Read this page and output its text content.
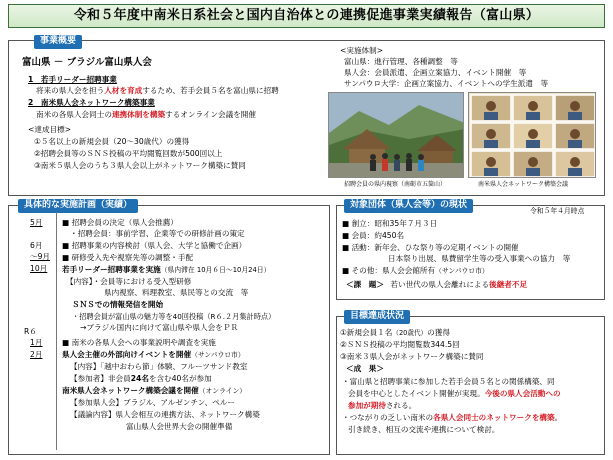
令和５年度中南米日系社会と国内自治体との連携促進事業実績報告（富山県）
事業概要
富山県 － ブラジル富山県人会
1　若手リーダー招聘事業
将来の県人会を担う人材を育成するため、若手会員５名を富山県に招聘
2　南米県人会ネットワーク構築事業
南米の各県人会同士の連携体制を構築するオンライン会議を開催
<達成目標>
①５名以上の新規会員（20～30歳代）の獲得
②招聘会員等のＳＮＳ投稿の平均閲覧回数が500回以上
③南米５県人会のうち３県人会以上がネットワーク構築に賛同
<実施体制>
富山県：進行管理、各種調整　等
県人会：会員派遣、企画立案協力、イベント開催　等
サンパウロ大学：企画立案協力、イベントへの学生派遣　等
招聘会員の県内視察（南砺市五箇山）	南米県人会ネットワーク構築会議
具体的な実施計画（実績）
5月
6月
～9月
10月
R６
1月
2月
■ 招聘会員の決定（県人会推薦）
・招聘会員：事前学習、企業等での研修計画の策定
■ 招聘事業の内容検討（県人会、大学と協働で企画）
■ 研修受入先や視察先等の調整・手配
若手リーダー招聘事業を実施（県内滞在 10月６日～10月24日）
【内容】・会員等における受入型研修
県内視察、料理教室、県民等との交流　等
ＳＮＳでの情報発信を開始
・招聘会員が富山県の魅力等を40回投稿（R６.２月集計時点）
→ブラジル国内に向けて富山県や県人会をＰＲ
■ 南米の各県人会への事業説明や調査を実施
県人会主催の外部向けイベントを開催（サンパウロ市）
【内容】「越中おわら節」体験、フルーツサンド教室
【参加者】非会員24名を含む40名が参加
南米県人会ネットワーク構築会議を開催（オンライン）
【参加県人会】ブラジル、アルゼンチン、ペルー
【議論内容】県人会相互の連携方法、ネットワーク構築
富山県人会世界大会の開催準備
対象団体（県人会等）の現状
令和５年４月時点
■ 創立：昭和35年７月３日
■ 会員：約450名
■ 活動：新年会、ひな祭り等の定期イベントの開催
日本祭り出展、県費留学生等の受入事業への協力　等
■ その他：県人会会館所有（サンパウロ市）
＜課　題＞ 若い世代の県人会離れによる後継者不足
目標達成状況
①新規会員１名（20歳代）の獲得
②ＳＮＳ投稿の平均閲覧数344.5回
③南米３県人会がネットワーク構築に賛同
＜成　果＞
・富山県と招聘事業に参加した若手会員５名との関係構築、同
会員を中心としたイベント開催が実現。今後の県人会活動への
参加が期待される。
・つながりの乏しい南米の各県人会同士のネットワークを構築。
引き続き、相互の交流や連携について検討。
